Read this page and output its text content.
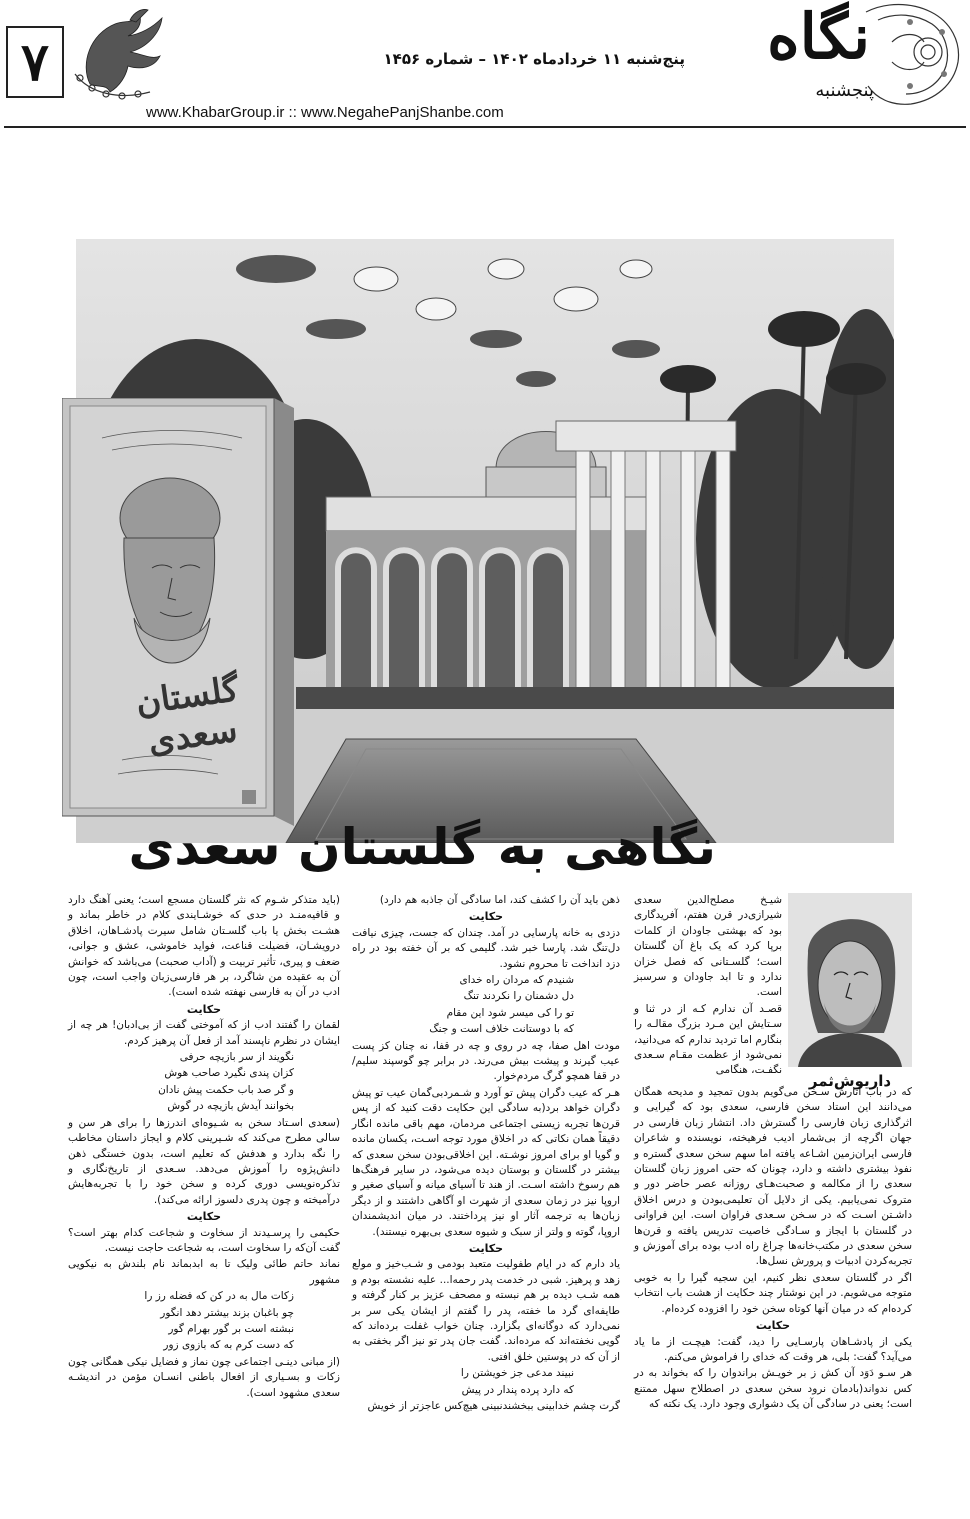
۷	پنج‌شنبه ۱۱ خردادماه ۱۴۰۲ – شماره ۱۴۵۶
www.KhabarGroup.ir :: www.NegahePanjShanbe.com
نگاه
پنجشنبه
گلستان سعدی
نگاهی به گلستان سعدی
داریوش‌ثمر

شیـخ مصلح‌الدین سعدی شیرازی‌در قرن هفتم، آفریدگاری بود که بهشتی جاودان از کلمات برپا کرد که یک باغ آن گلستان است؛ گلسـتانی که فصل خزان ندارد و تا ابد جاودان و سرسبز است.

قصـد آن ندارم کـه از در ثنا و سـتایش این مـرد بزرگ مقالـه را بنگارم اما تردید ندارم که می‌دانید، نمی‌شود از عظمت مقـام سـعدی نگفـت، هنگامی

که در باب آثارش سـخن می‌گویم بدون تمجید و مدیحه همگان می‌دانند این استاد سخن فارسی، سعدی بود که گیرایی و اثرگذاری زبان فارسی را گسترش داد. انتشار زبان فارسی در جهان اگرچه از بی‌شمار ادیب فرهیخته، نویسنده و شاعران فارسی ایران‌زمین اشـاعه یافته اما سهم سخن سعدی گستره و نفوذ بیشتری داشته و دارد، چونان که حتی امروز زبان گلستان سعدی را از مکالمه و صحبت‌هـای روزانه عصر حاضر دور و متروک نمی‌یابیم. یکی از دلایل آن تعلیمی‌بودن و درس اخلاق داشـتن اسـت که در سـخن سـعدی فراوان است. این فراوانی در گلستان با ایجاز و سـادگی خاصیت تدریس یافته و قرن‌ها سخن سعدی در مکتب‌خانه‌ها چراغ راه ادب بوده برای آموزش و تجربه‌کردن ادبیات و پرورش نسل‌ها.

اگر در گلستان سعدی نظر کنیم، این سجیه گیرا را به خوبی متوجه می‌شویم. در این نوشتار چند حکایت از هشت باب انتخاب کرده‌ام که در میان آنها کوتاه سخن خود را افزوده کرده‌ام.

حکایت

یکی از پادشـاهان پارسـایی را دید، گفت: هیچـت از ما یاد می‌آید؟ گفت: بلی، هر وقت که خدای را فراموش می‌کنم.

هر سـو دَوَد آن کش ز بر خویـش براندوان را که بخواند به در کس ندواند(بادمان نرود سخن سعدی در اصطلاح سهل ممتنع است؛ یعنی در سادگی آن یک دشواری وجود دارد. یک نکته که

ذهن باید آن را کشف کند، اما سادگی آن جاذبه هم دارد)

حکایت

دزدی به خانه پارسایی در آمد. چندان که جست، چیزی نیافت دل‌تنگ شد. پارسا خبر شد. گلیمی که بر آن خفته بود در راه دزد انداخت تا محروم نشود.

شنیدم که مردان راه خدای

دل دشمنان را نکردند تنگ

تو را کی میسر شود این مقام

که با دوستانت خلاف است و جنگ

مودت اهل صفا، چه در روی و چه در قفا، نه چنان کز پست عیب گیرند و پیشت بیش می‌رند. در برابر چو گوسپند سلیم/ در قفا همچو گرگ مردم‌خوار.

هـر که عیب دگران پیش تو آورد و شـمردبی‌گمان عیب تو پیش دگران خواهد برد(به سادگی این حکایت دقت کنید که از پس قرن‌ها تجربه زیستی اجتماعی مردمان، مهم باقی مانده انگار دقیقاً همان نکاتی که در اخلاق مورد توجه اسـت، یکسان مانده و گویا او برای امروز نوشـته. این اخلاقی‌بودن سخن سعدی که بیشتر در گلستان و بوستان دیده می‌شود، در سایر فرهنگ‌ها هم رسوخ داشته اسـت. از هند تا آسیای میانه و آسیای صغیر و اروپا نیز در زمان سعدی از شهرت او آگاهی داشتند و از دیگر زبان‌ها به ترجمه آثار او نیز پرداختند. در میان اندیشمندان اروپا، گوته و ولتر از سبک و شیوه سعدی بی‌بهره نیستند).

حکایت

یاد دارم که در ایام طفولیت متعبد بودمی و شـب‌خیز و مولع زهد و پرهیز. شبی در خدمت پدر رحمه‌ا... علیه نشسته بودم و همه شـب دیده بر هم نبسته و مصحف عزیز بر کنار گرفته و طایفه‌ای گرد ما خفته، پدر را گفتم از ایشان یکی سر بر نمی‌دارد که دوگانه‌ای بگزارد. چنان خواب غفلت برده‌اند که گویی نخفته‌اند که مرده‌اند. گفت جان پدر تو نیز اگر بخفتی به از آن که در پوستین خلق افتی.

نبیند مدعی جز خویشتن را

که دارد پرده پندار در پیش

گرت چشم خدابینی ببخشندنبینی هیچ‌کس عاجزتر از خویش

(باید متذکر شـوم که نثر گلستان مسجع است؛ یعنی آهنگ دارد و قافیه‌منـد در حدی که خوشـایندی کلام در خاطر بماند و هشـت بخش یا باب گلسـتان شامل سیرت پادشـاهان، اخلاق درویشـان، فضیلت قناعت، فواید خاموشی، عشق و جوانی، ضعف و پیری، تأثیر تربیت و (آداب صحبت) می‌باشد که خوانش آن به عقیده من شاگرد، بر هر فارسی‌زبان واجب است، چون ادب در آن به فارسی نهفته شده است).

حکایت

لقمان را گفتند ادب از که آموختی گفت از بی‌ادبان! هر چه از ایشان در نظرم ناپسند آمد از فعل آن پرهیز کردم.

نگویند از سر بازیچه حرفی

کزان پندی نگیرد صاحب هوش

و گر صد باب حکمت پیش نادان

بخوانند آیدش بازیچه در گوش

(سعدی اسـتاد سخن به شـیوه‌ای اندرزها را برای هر سن و سالی مطرح می‌کند که شـیرینی کلام و ایجاز داستان مخاطب را نگه بدارد و هدفش که تعلیم است، بدون خستگی ذهن دانش‌پژوه را آموزش می‌دهد. سـعدی از تاریخ‌نگاری و تذکره‌نویسی دوری کرده و سخن خود را با تجربه‌هایش درآمیخته و چون پدری دلسوز ارائه می‌کند).

حکایت

حکیمی را پرسـیدند از سخاوت و شجاعت کدام بهتر است؟ گفت آن‌که را سخاوت است، به شجاعت حاجت نیست.

نماند حاتم طائی ولیک تا به ابدبماند نام بلندش به نیکویی مشهور

زکات مال به در کن که فضله رز را

چو باغبان بزند بیشتر دهد انگور

نبشته است بر گور بهرام گور

که دست کرم به که بازوی زور

(از مبانی دینـی اجتماعی چون نماز و فضایل نیکی همگانی چون زکات و بسـیاری از افعال باطنی انسـان مؤمن در اندیشـه سعدی مشهود است).
